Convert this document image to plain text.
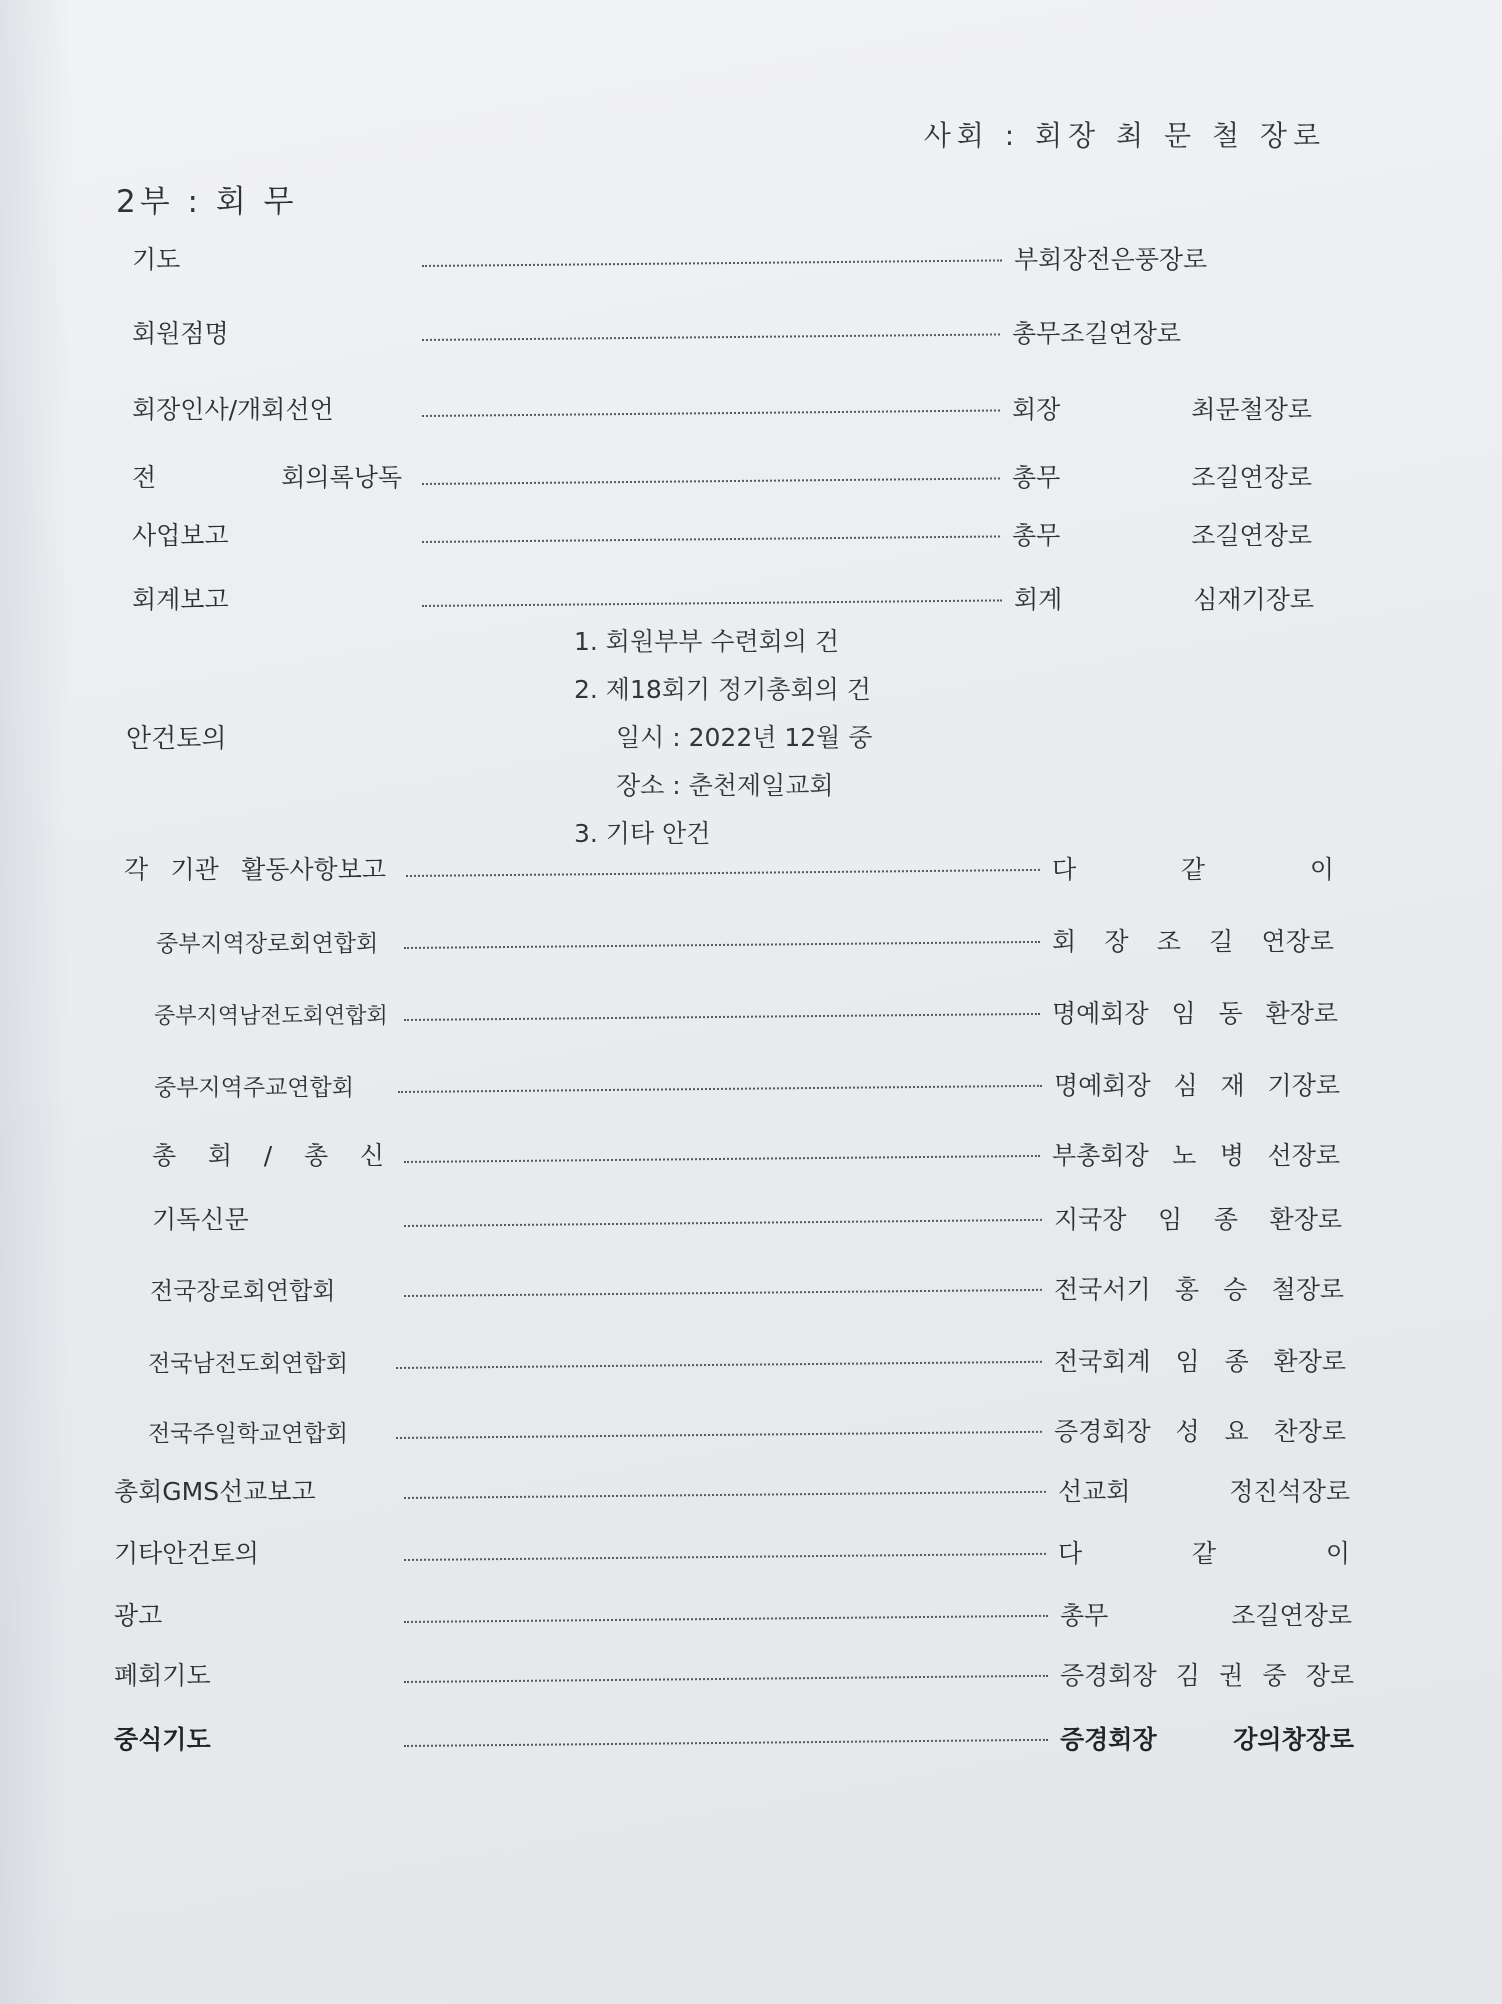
사회 : 회장 최 문 철 장로
2부 : 회 무
기도	부회장전은풍장로
회원점명	총무조길연장로
회장인사/개회선언	회장 최문철장로
전 회의록낭독	총무 조길연장로
사업보고	총무 조길연장로
회계보고	회계 심재기장로
안건토의
1. 회원부부 수련회의 건
2. 제18회기 정기총회의 건
일시 : 2022년 12월 중
장소 : 춘천제일교회
3. 기타 안건
각 기관 활동사항보고	다 같 이
중부지역장로회연합회	회 장 조 길 연장로
중부지역남전도회연합회	명예회장 임 동 환장로
중부지역주교연합회	명예회장 심 재 기장로
총 회 / 총 신	부총회장 노 병 선장로
기독신문	지국장 임 종 환장로
전국장로회연합회	전국서기 홍 승 철장로
전국남전도회연합회	전국회계 임 종 환장로
전국주일학교연합회	증경회장 성 요 찬장로
총회GMS선교보고	선교회 정진석장로
기타안건토의	다 같 이
광고	총무 조길연장로
폐회기도	증경회장 김 권 중 장로
중식기도	증경회장 강의창장로
